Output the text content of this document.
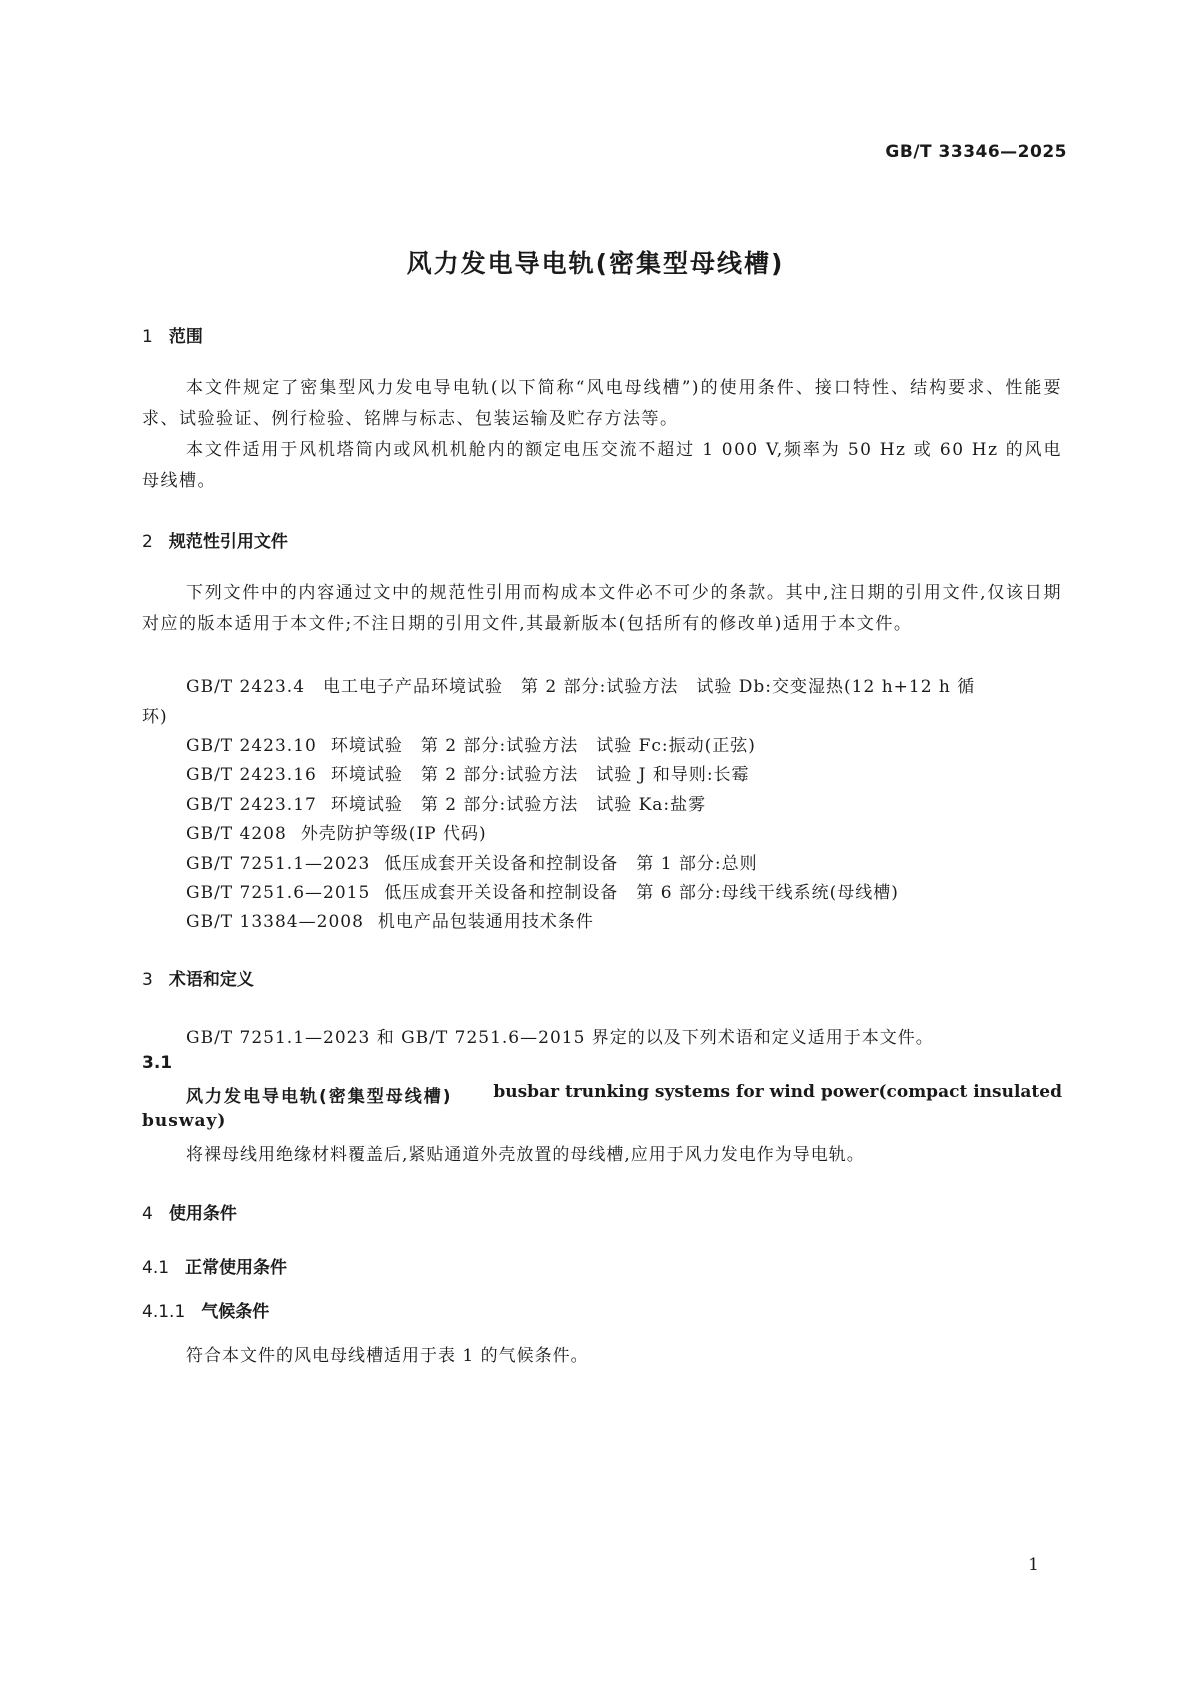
GB/T 33346—2025
风力发电导电轨(密集型母线槽)
1 范围
本文件规定了密集型风力发电导电轨(以下简称“风电母线槽”)的使用条件、接口特性、结构要求、性能要求、试验验证、例行检验、铭牌与标志、包装运输及贮存方法等。
本文件适用于风机塔筒内或风机机舱内的额定电压交流不超过 1 000 V,频率为 50 Hz 或 60 Hz 的风电母线槽。
2 规范性引用文件
下列文件中的内容通过文中的规范性引用而构成本文件必不可少的条款。其中,注日期的引用文件,仅该日期对应的版本适用于本文件;不注日期的引用文件,其最新版本(包括所有的修改单)适用于本文件。
GB/T 2423.4　电工电子产品环境试验　第 2 部分:试验方法　试验 Db:交变湿热(12 h+12 h 循
环)
GB/T 2423.10 环境试验　第 2 部分:试验方法　试验 Fc:振动(正弦)
GB/T 2423.16 环境试验　第 2 部分:试验方法　试验 J 和导则:长霉
GB/T 2423.17 环境试验　第 2 部分:试验方法　试验 Ka:盐雾
GB/T 4208 外壳防护等级(IP 代码)
GB/T 7251.1—2023 低压成套开关设备和控制设备　第 1 部分:总则
GB/T 7251.6—2015 低压成套开关设备和控制设备　第 6 部分:母线干线系统(母线槽)
GB/T 13384—2008 机电产品包装通用技术条件
3 术语和定义
GB/T 7251.1—2023 和 GB/T 7251.6—2015 界定的以及下列术语和定义适用于本文件。
3.1
风力发电导电轨(密集型母线槽) busbar trunking systems for wind power(compact insulated
busway)
将裸母线用绝缘材料覆盖后,紧贴通道外壳放置的母线槽,应用于风力发电作为导电轨。
4 使用条件
4.1 正常使用条件
4.1.1 气候条件
符合本文件的风电母线槽适用于表 1 的气候条件。
1
